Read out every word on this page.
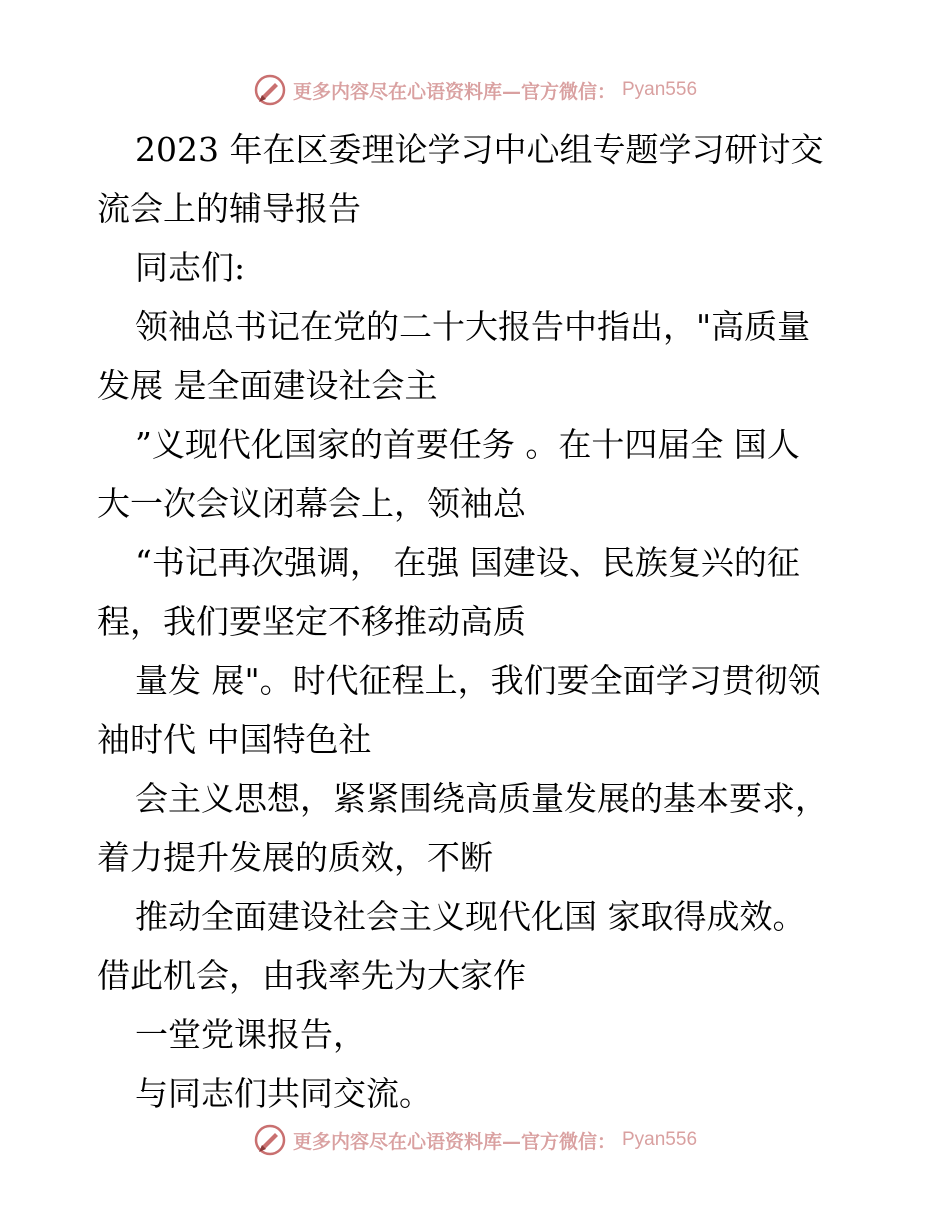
更多内容尽在心语资料库—官方微信： Pyan556
2023 年在区委理论学习中心组专题学习研讨交
流会上的辅导报告
同志们:
领袖总书记在党的二十大报告中指出，"高质量
发展 是全面建设社会主
”义现代化国家的首要任务 。在十四届全 国人
大一次会议闭幕会上，领袖总
“书记再次强调， 在强 国建设、民族复兴的征
程，我们要坚定不移推动高质
量发 展"。时代征程上，我们要全面学习贯彻领
袖时代 中国特色社
会主义思想，紧紧围绕高质量发展的基本要求，
着力提升发展的质效，不断
推动全面建设社会主义现代化国 家取得成效。
借此机会，由我率先为大家作
一堂党课报告，
与同志们共同交流。
更多内容尽在心语资料库—官方微信： Pyan556
